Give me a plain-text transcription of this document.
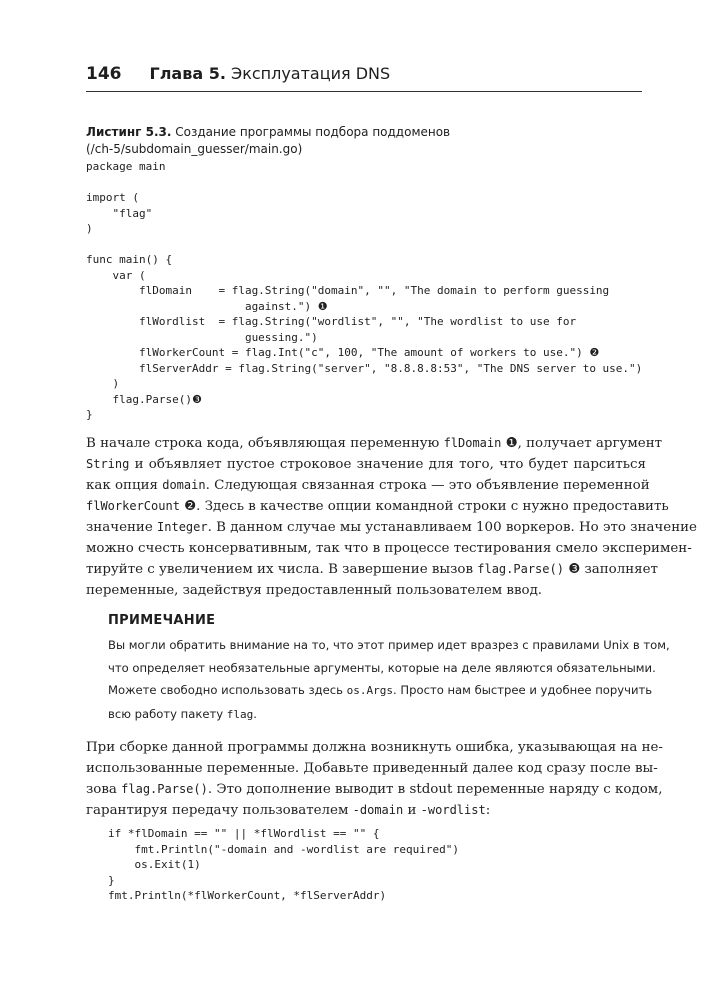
146 Глава 5. Эксплуатация DNS
Листинг 5.3. Создание программы подбора поддоменов
(/ch-5/subdomain_guesser/main.go)
package main

import (
"flag"
)

func main() {
var (
flDomain    = flag.String("domain", "", "The domain to perform guessing
against.") ❶
flWordlist  = flag.String("wordlist", "", "The wordlist to use for
guessing.")
flWorkerCount = flag.Int("c", 100, "The amount of workers to use.") ❷
flServerAddr = flag.String("server", "8.8.8.8:53", "The DNS server to use.")
)
flag.Parse()❸
}
В начале строка кода, объявляющая переменную flDomain ❶, получает аргумент
String и объявляет пустое строковое значение для того, что будет парситься
как опция domain. Следующая связанная строка — это объявление переменной
flWorkerCount ❷. Здесь в качестве опции командной строки с нужно предоставить
значение Integer. В данном случае мы устанавливаем 100 воркеров. Но это значение
можно счесть консервативным, так что в процессе тестирования смело эксперимен-
тируйте с увеличением их числа. В завершение вызов flag.Parse() ❸ заполняет
переменные, задействуя предоставленный пользователем ввод.
ПРИМЕЧАНИЕ
Вы могли обратить внимание на то, что этот пример идет вразрез с правилами Unix в том,
что определяет необязательные аргументы, которые на деле являются обязательными.
Можете свободно использовать здесь os.Args. Просто нам быстрее и удобнее поручить
всю работу пакету flag.
При сборке данной программы должна возникнуть ошибка, указывающая на не-
использованные переменные. Добавьте приведенный далее код сразу после вы-
зова flag.Parse(). Это дополнение выводит в stdout переменные наряду с кодом,
гарантируя передачу пользователем -domain и -wordlist:
if *flDomain == "" || *flWordlist == "" {
fmt.Println("-domain and -wordlist are required")
os.Exit(1)
}
fmt.Println(*flWorkerCount, *flServerAddr)
